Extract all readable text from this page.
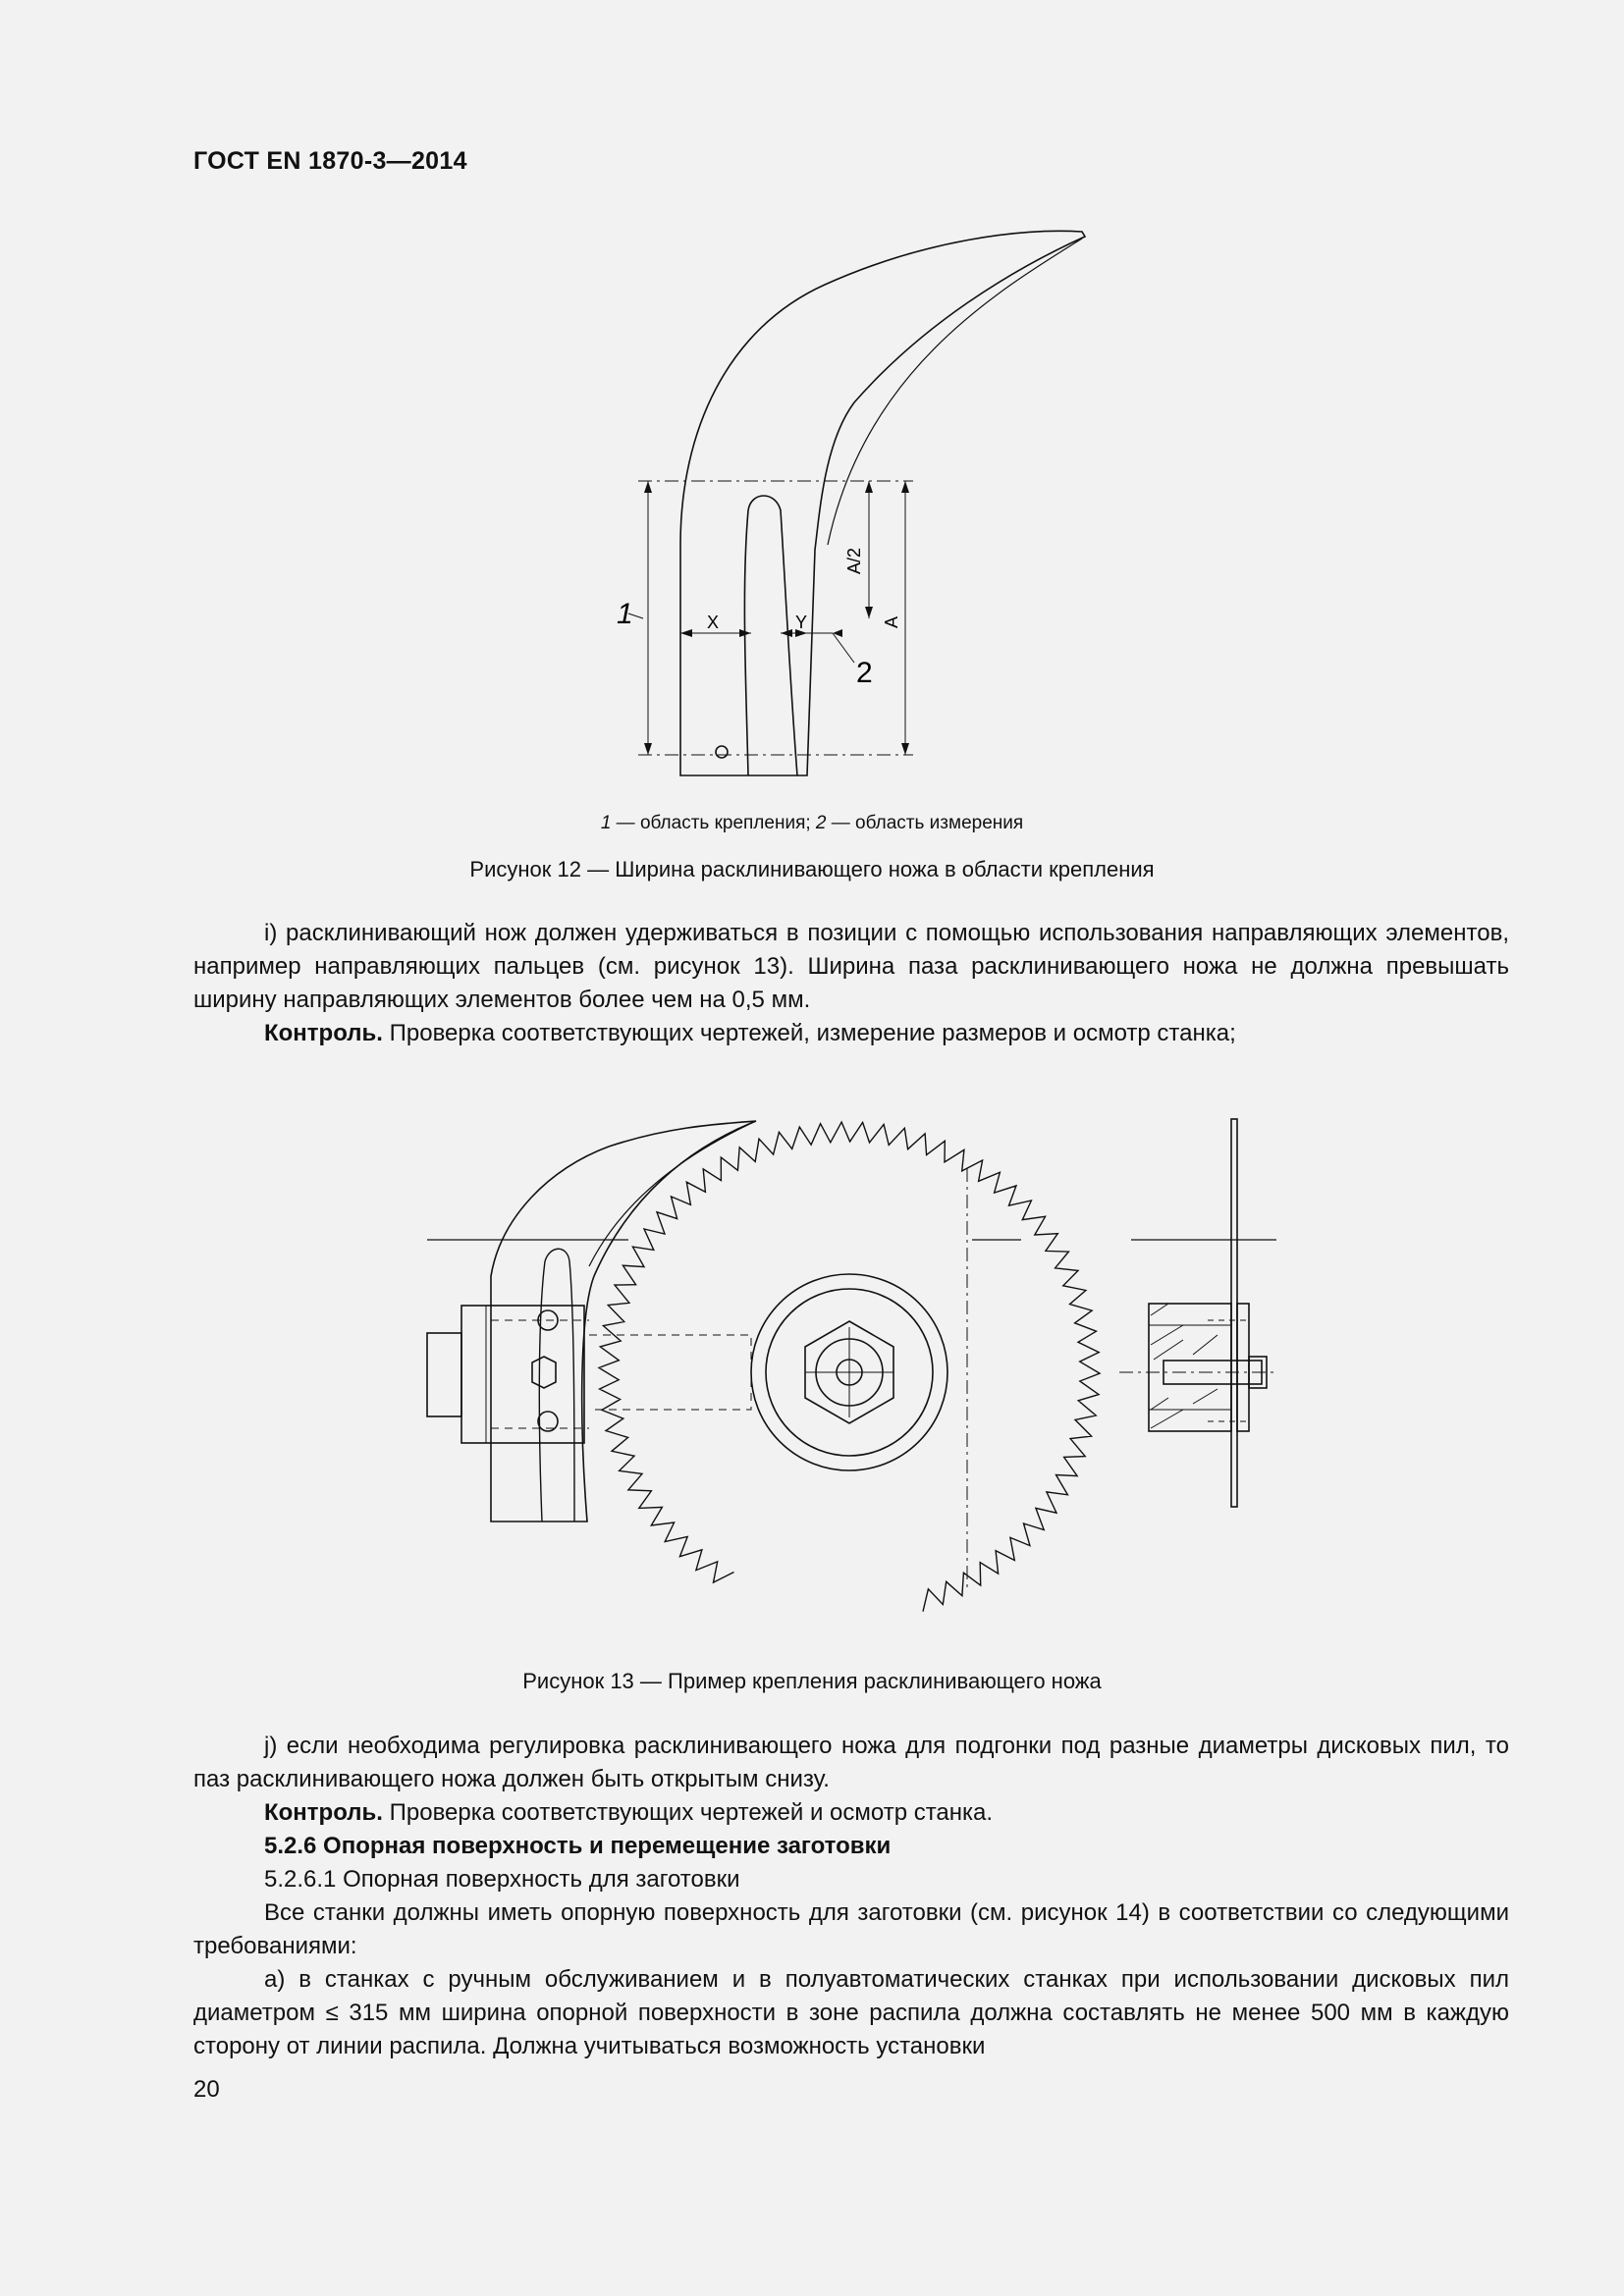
ГОСТ EN 1870-3—2014
1
2
X	Y
A/2
A
1 — область крепления; 2 — область измерения
Рисунок 12 — Ширина расклинивающего ножа в области крепления

i) расклинивающий нож должен удерживаться в позиции с помощью использования направляющих элементов, например направляющих пальцев (см. рисунок 13). Ширина паза расклинивающего ножа не должна превышать ширину направляющих элементов более чем на 0,5 мм.

Контроль. Проверка соответствующих чертежей, измерение размеров и осмотр станка;

Рисунок 13 — Пример крепления расклинивающего ножа

j) если необходима регулировка расклинивающего ножа для подгонки под разные диаметры дисковых пил, то паз расклинивающего ножа должен быть открытым снизу.

Контроль. Проверка соответствующих чертежей и осмотр станка.

5.2.6 Опорная поверхность и перемещение заготовки

5.2.6.1 Опорная поверхность для заготовки

Все станки должны иметь опорную поверхность для заготовки (см. рисунок 14) в соответствии со следующими требованиями:

а) в станках с ручным обслуживанием и в полуавтоматических станках при использовании дисковых пил диаметром ≤ 315 мм ширина опорной поверхности в зоне распила должна составлять не менее 500 мм в каждую сторону от линии распила. Должна учитываться возможность установки

20
